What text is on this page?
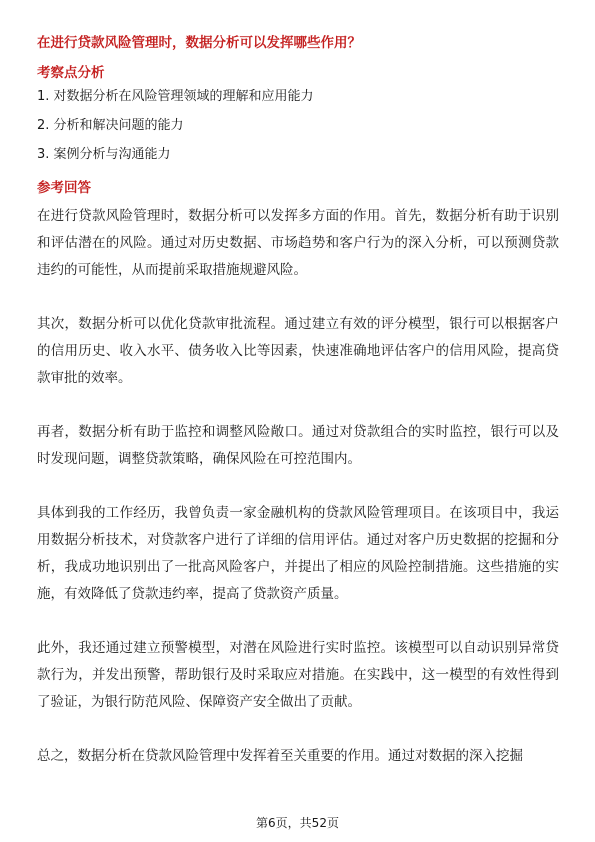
在进行贷款风险管理时，数据分析可以发挥哪些作用？
考察点分析
1. 对数据分析在风险管理领域的理解和应用能力
2. 分析和解决问题的能力
3. 案例分析与沟通能力
参考回答

在进行贷款风险管理时，数据分析可以发挥多方面的作用。首先，数据分析有助于识别和评估潜在的风险。通过对历史数据、市场趋势和客户行为的深入分析，可以预测贷款违约的可能性，从而提前采取措施规避风险。

其次，数据分析可以优化贷款审批流程。通过建立有效的评分模型，银行可以根据客户的信用历史、收入水平、债务收入比等因素，快速准确地评估客户的信用风险，提高贷款审批的效率。

再者，数据分析有助于监控和调整风险敞口。通过对贷款组合的实时监控，银行可以及时发现问题，调整贷款策略，确保风险在可控范围内。

具体到我的工作经历，我曾负责一家金融机构的贷款风险管理项目。在该项目中，我运用数据分析技术，对贷款客户进行了详细的信用评估。通过对客户历史数据的挖掘和分析，我成功地识别出了一批高风险客户，并提出了相应的风险控制措施。这些措施的实施，有效降低了贷款违约率，提高了贷款资产质量。

此外，我还通过建立预警模型，对潜在风险进行实时监控。该模型可以自动识别异常贷款行为，并发出预警，帮助银行及时采取应对措施。在实践中，这一模型的有效性得到了验证，为银行防范风险、保障资产安全做出了贡献。

总之，数据分析在贷款风险管理中发挥着至关重要的作用。通过对数据的深入挖掘

第6页，共52页
